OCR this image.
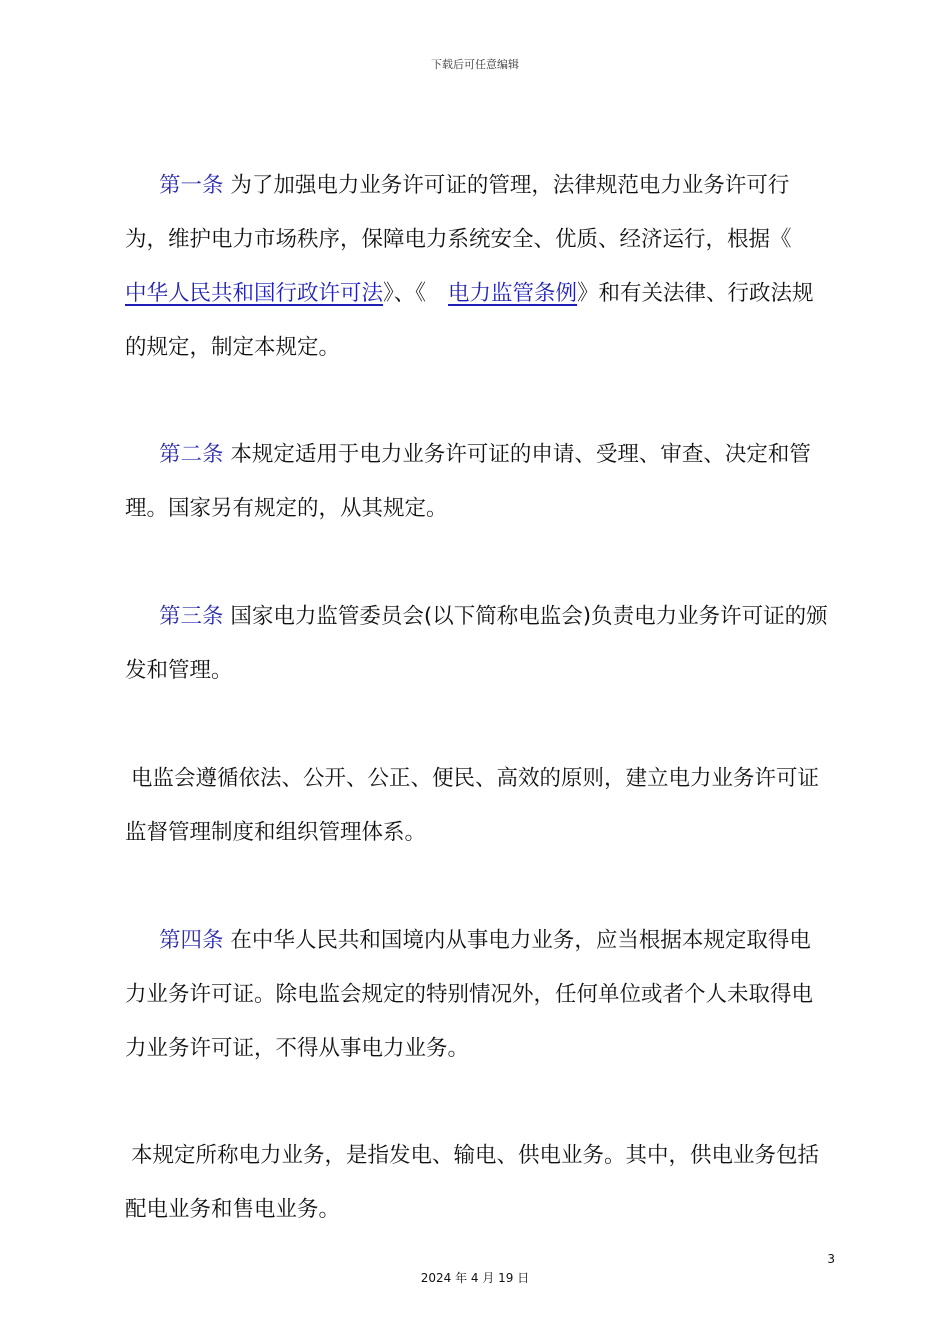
下载后可任意编辑

第一条 为了加强电力业务许可证的管理，法律规范电力业务许可行为，维护电力市场秩序，保障电力系统安全、优质、经济运行，根据《中华人民共和国行政许可法》、《 电力监管条例》和有关法律、行政法规的规定，制定本规定。

第二条 本规定适用于电力业务许可证的申请、受理、审查、决定和管理。国家另有规定的，从其规定。

第三条 国家电力监管委员会(以下简称电监会)负责电力业务许可证的颁发和管理。

电监会遵循依法、公开、公正、便民、高效的原则，建立电力业务许可证监督管理制度和组织管理体系。

第四条 在中华人民共和国境内从事电力业务，应当根据本规定取得电力业务许可证。除电监会规定的特别情况外，任何单位或者个人未取得电力业务许可证，不得从事电力业务。

本规定所称电力业务，是指发电、输电、供电业务。其中，供电业务包括配电业务和售电业务。

3
2024 年 4 月 19 日
